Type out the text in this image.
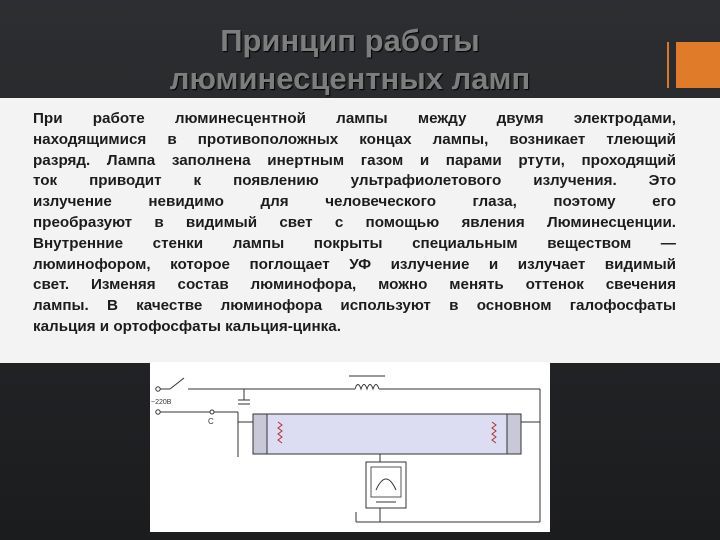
Принцип работы
люминесцентных ламп

При работе люминесцентной лампы между двумя электродами,
находящимися в противоположных концах лампы, возникает тлеющий
разряд. Лампа заполнена инертным газом и парами ртути, проходящий
ток приводит к появлению ультрафиолетового излучения. Это
излучение невидимо для человеческого глаза, поэтому его
преобразуют в видимый свет с помощью явления Люминесценции.
Внутренние стенки лампы покрыты специальным веществом —
люминофором, которое поглощает УФ излучение и излучает видимый
свет. Изменяя состав люминофора, можно менять оттенок свечения
лампы. В качестве люминофора используют в основном галофосфаты
кальция и ортофосфаты кальция-цинка.

~220В
C
